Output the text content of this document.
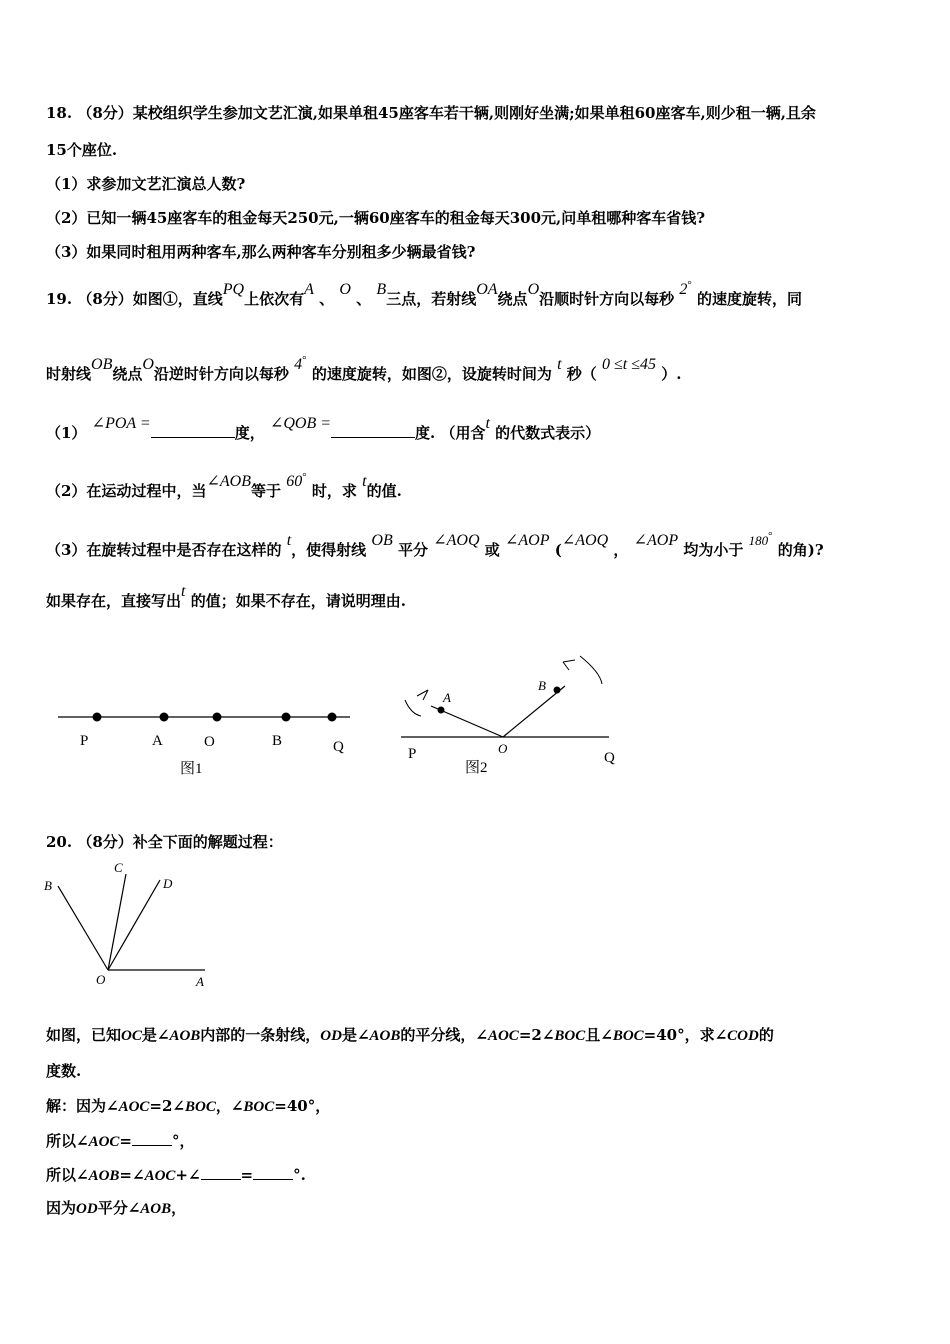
18. （8分）某校组织学生参加文艺汇演,如果单租45座客车若干辆,则刚好坐满;如果单租60座客车,则少租一辆,且余
15个座位.
（1）求参加文艺汇演总人数?
（2）已知一辆45座客车的租金每天250元,一辆60座客车的租金每天300元,问单租哪种客车省钱?
（3）如果同时租用两种客车,那么两种客车分别租多少辆最省钱?
19. （8分）如图①，直线PQ上依次有A 、 O 、 B三点，若射线OA绕点O沿顺时针方向以每秒 2° 的速度旋转，同
时射线OB绕点O沿逆时针方向以每秒 4° 的速度旋转，如图②，设旋转时间为 t 秒（ 0 ≤t ≤45 ）.
（1） ∠POA =度， ∠QOB =度. （用含t 的代数式表示）
（2）在运动过程中，当∠AOB等于 60° 时，求 t的值.
（3）在旋转过程中是否存在这样的 t，使得射线 OB 平分 ∠AOQ 或 ∠AOP (∠AOQ ， ∠AOP 均为小于 180° 的角)?
如果存在，直接写出t 的值；如果不存在，请说明理由.
P	A	O	B	Q
图1
P	Q
O
A
B
图2
20. （8分）补全下面的解题过程：
B
C
D
O	A
如图，已知OC是∠AOB内部的一条射线，OD是∠AOB的平分线，∠AOC=2∠BOC且∠BOC=40°，求∠COD的
度数.
解：因为∠AOC=2∠BOC，∠BOC=40°，
所以∠AOC=	°，
所以∠AOB=∠AOC+∠	=	°.
因为OD平分∠AOB，
